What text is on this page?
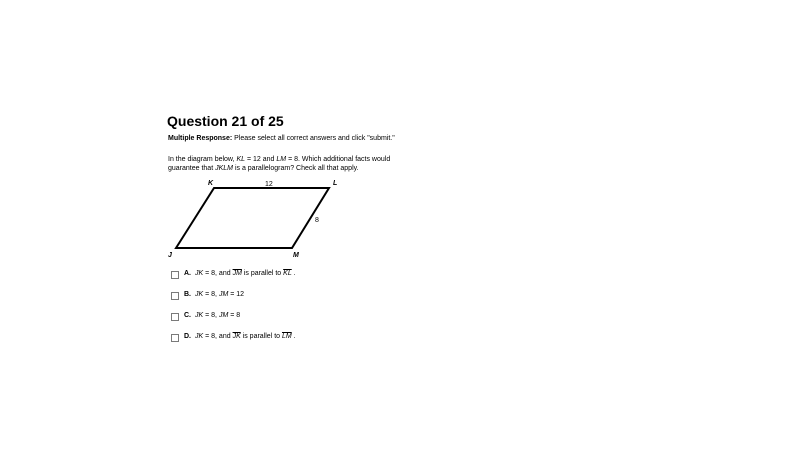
Question 21 of 25
Multiple Response: Please select all correct answers and click "submit."
In the diagram below, KL = 12 and LM = 8. Which additional facts would guarantee that JKLM is a parallelogram? Check all that apply.
K	L
J	M
12
8
A. JK = 8, and $\overline{JM}$ is parallel to $\overline{KL}$ .
B. JK = 8, JM = 12
C. JK = 8, JM = 8
D. JK = 8, and $\overline{JK}$ is parallel to $\overline{LM}$ .
